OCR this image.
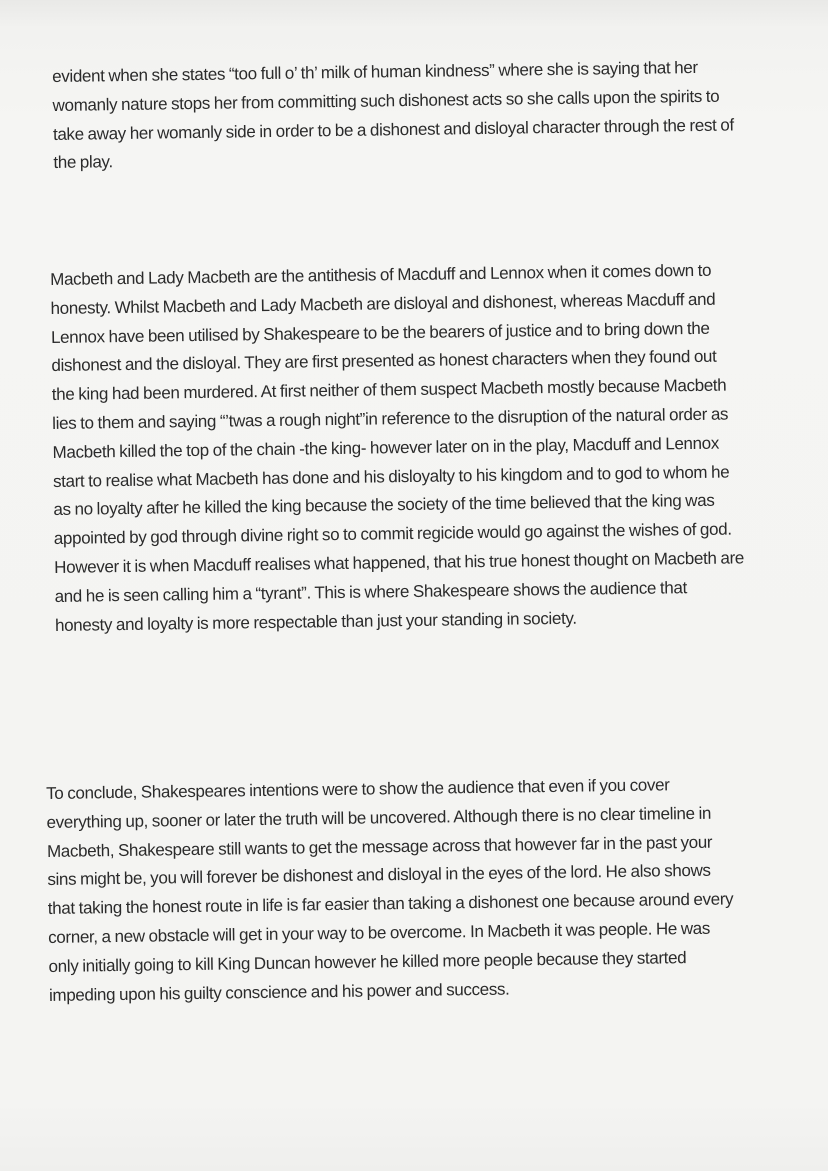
evident when she states “too full o’ th’ milk of human kindness” where she is saying that her womanly nature stops her from committing such dishonest acts so she calls upon the spirits to take away her womanly side in order to be a dishonest and disloyal character through the rest of the play.

Macbeth and Lady Macbeth are the antithesis of Macduff and Lennox when it comes down to honesty. Whilst Macbeth and Lady Macbeth are disloyal and dishonest, whereas Macduff and Lennox have been utilised by Shakespeare to be the bearers of justice and to bring down the dishonest and the disloyal. They are first presented as honest characters when they found out the king had been murdered. At first neither of them suspect Macbeth mostly because Macbeth lies to them and saying “’twas a rough night”in reference to the disruption of the natural order as Macbeth killed the top of the chain -the king- however later on in the play, Macduff and Lennox start to realise what Macbeth has done and his disloyalty to his kingdom and to god to whom he as no loyalty after he killed the king because the society of the time believed that the king was appointed by god through divine right so to commit regicide would go against the wishes of god. However it is when Macduff realises what happened, that his true honest thought on Macbeth are and he is seen calling him a “tyrant”. This is where Shakespeare shows the audience that honesty and loyalty is more respectable than just your standing in society.

To conclude, Shakespeares intentions were to show the audience that even if you cover everything up, sooner or later the truth will be uncovered. Although there is no clear timeline in Macbeth, Shakespeare still wants to get the message across that however far in the past your sins might be, you will forever be dishonest and disloyal in the eyes of the lord. He also shows that taking the honest route in life is far easier than taking a dishonest one because around every corner, a new obstacle will get in your way to be overcome. In Macbeth it was people. He was only initially going to kill King Duncan however he killed more people because they started impeding upon his guilty conscience and his power and success.
